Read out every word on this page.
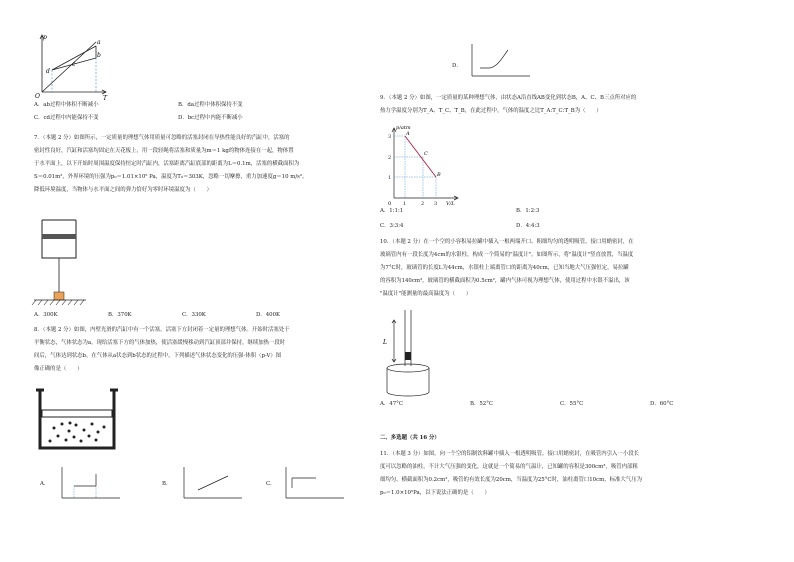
p
a
b
c
d
O	T
A．ab过程中体积不断减小	B．da过程中体积保持不变
C．cd过程中内能保持不变	D．bc过程中内能不断减小
7．（本题 2 分）如图所示，一定质量的理想气体用质量可忽略的活塞封闭在导热性能良好的汽缸中，活塞的
密封性良好，汽缸和活塞均固定在天花板上，用一段轻绳将活塞和质量为m＝1 kg的物体连接在一起，物体置
于水平面上，以下开始时周围温度保持恒定时汽缸内，活塞距离汽缸底部的距离为L＝0.1m，活塞的横截面积为
S＝0.01m²，外界环境的压强为p₀＝1.01×10⁵ Pa，温度为T₀＝303K，忽略一切摩擦，重力加速度g＝10 m/s²，
降低环境温度，当物体与水平面之间的弹力恰好为零时环境温度为（　　）
A．300K	B．370K	C．330K	D．400K
8．（本题 2 分）如图，内壁光滑的汽缸中有一个活塞，活塞下方封闭着一定量的理想气体。开始时活塞处于
平衡状态，气体状态为a。现给活塞下方的气体加热，使活塞缓慢移动到汽缸顶部并保持，继续加热一段时
间后，气体达到状态b。在气体从a状态到b状态的过程中，下列描述气体状态变化的压强-体积（p-V）图
像正确的是（　　）
A．	B．	C．
D．
9．（本题 2 分）如图，一定质量的某种理想气体，由状态A沿直线AB变化到状态B，A、C、B三点所对应的
热力学温度分别为T_A、T_C、T_B，在此过程中，气体的温度之比T_A:T_C:T_B为（　　）
p/atm
V/L
A
C
B
0
3
2
1
1	2 3
A．1:1:1	B．1:2:3
C．3:3:4	D．4:4:3
10．（本题 2 分）在一个空的小容积易拉罐中插入一根两端开口、粗细均匀的透明吸管，接口用蜡密封，在
玻璃管内有一段长度为4cm的水银柱，构成一个简易的"温度计"。如图所示，将"温度计"竖直放置，当温度
为7°C时，玻璃管的长度L为44cm，水银柱上端离管口的距离为40cm，已知当地大气压强恒定，易拉罐
的容积为140cm³，玻璃管的横截面积为0.5cm²，罐内气体可视为理想气体，使用过程中水银不溢出，该
"温度计"能测量的最高温度为（　　）
L
A．47°C	B．52°C	C．55°C	D．60°C
二、多选题（共 16 分）
11．（本题 3 分）如图，向一个空的铝制饮料罐中插入一根透明吸管，接口用蜡密封，在吸管内引入一小段长
度可以忽略的油柱，不计大气压强的变化，这就是一个简易的气温计，已知罐的容积是300cm³，吸管内部粗
细均匀，横截面积为0.2cm²，吸管的有效长度为20cm，当温度为25°C时，油柱离管口10cm，标准大气压为
p₀＝1.0×10⁵Pa，以下说法正确的是（　　）
